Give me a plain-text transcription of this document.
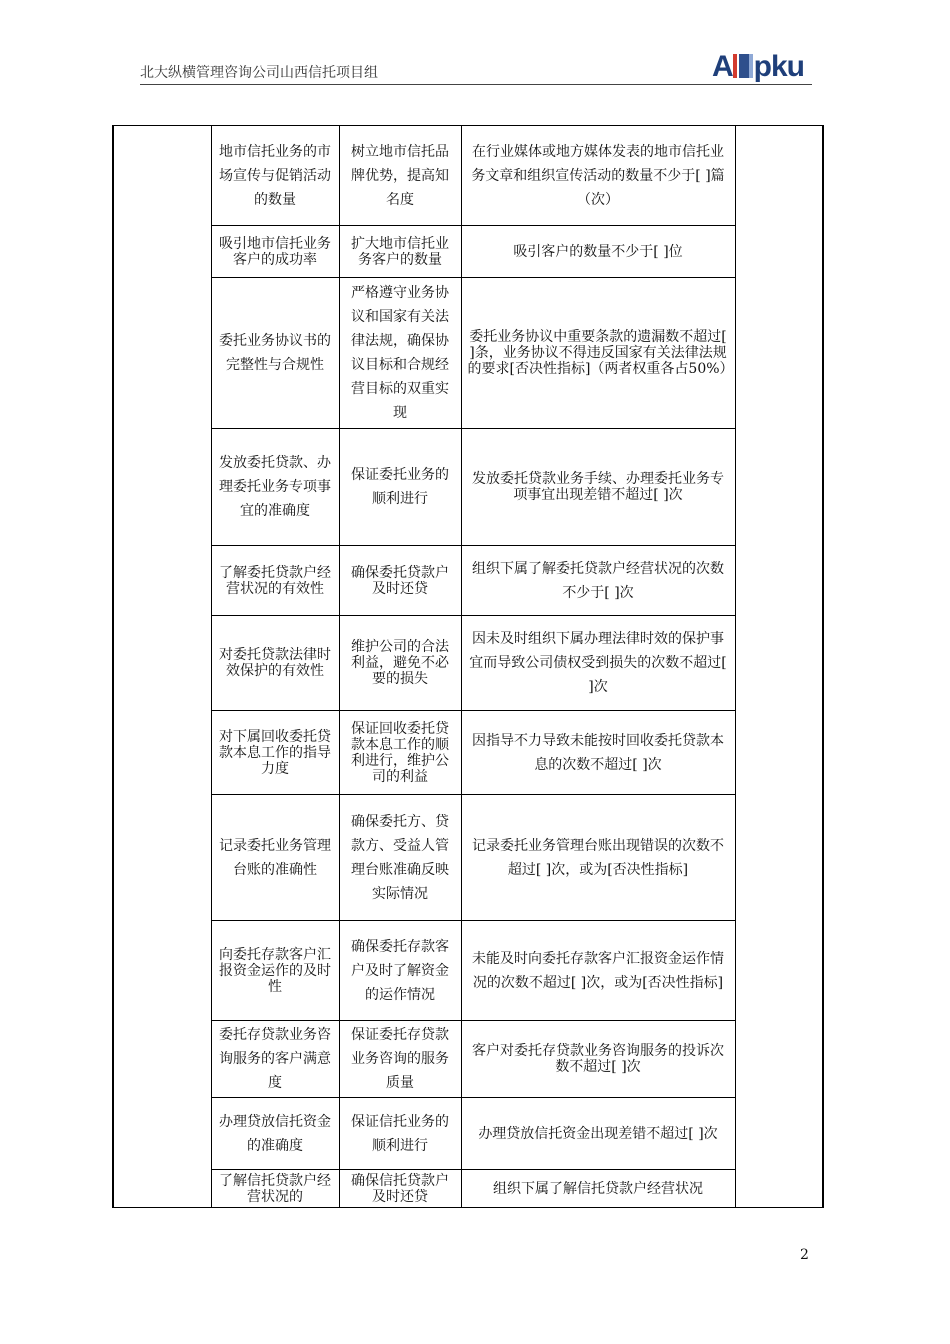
北大纵横管理咨询公司山西信托项目组	A pku
	地市信托业务的市场宣传与促销活动的数量	树立地市信托品牌优势，提高知名度	在行业媒体或地方媒体发表的地市信托业务文章和组织宣传活动的数量不少于[ ]篇（次）	
	吸引地市信托业务客户的成功率	扩大地市信托业务客户的数量	吸引客户的数量不少于[ ]位	
	委托业务协议书的完整性与合规性	严格遵守业务协议和国家有关法律法规，确保协议目标和合规经营目标的双重实现	委托业务协议中重要条款的遗漏数不超过[ ]条，业务协议不得违反国家有关法律法规的要求[否决性指标]（两者权重各占50%）	
	发放委托贷款、办理委托业务专项事宜的准确度	保证委托业务的顺利进行	发放委托贷款业务手续、办理委托业务专项事宜出现差错不超过[ ]次	
	了解委托贷款户经营状况的有效性	确保委托贷款户及时还贷	组织下属了解委托贷款户经营状况的次数不少于[ ]次	
	对委托贷款法律时效保护的有效性	维护公司的合法利益，避免不必要的损失	因未及时组织下属办理法律时效的保护事宜而导致公司债权受到损失的次数不超过[ ]次	
	对下属回收委托贷款本息工作的指导力度	保证回收委托贷款本息工作的顺利进行，维护公司的利益	因指导不力导致未能按时回收委托贷款本息的次数不超过[ ]次	
	记录委托业务管理台账的准确性	确保委托方、贷款方、受益人管理台账准确反映实际情况	记录委托业务管理台账出现错误的次数不超过[ ]次，或为[否决性指标]	
	向委托存款客户汇报资金运作的及时性	确保委托存款客户及时了解资金的运作情况	未能及时向委托存款客户汇报资金运作情况的次数不超过[ ]次，或为[否决性指标]	
	委托存贷款业务咨询服务的客户满意度	保证委托存贷款业务咨询的服务质量	客户对委托存贷款业务咨询服务的投诉次数不超过[ ]次	
	办理贷放信托资金的准确度	保证信托业务的顺利进行	办理贷放信托资金出现差错不超过[ ]次	
	了解信托贷款户经营状况的	确保信托贷款户及时还贷	组织下属了解信托贷款户经营状况	
2
